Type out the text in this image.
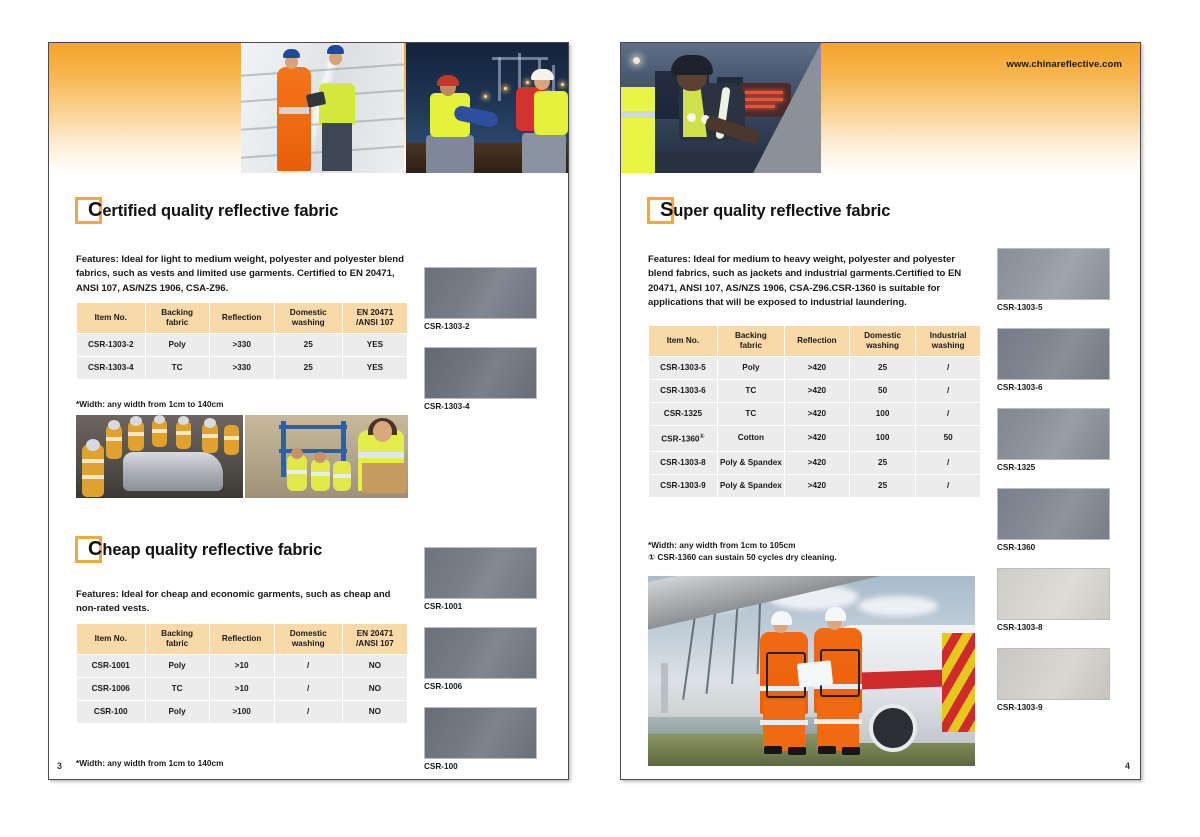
Certified quality reflective fabric

Features: Ideal for light to medium weight, polyester and polyester blend fabrics, such as vests and limited use garments. Certified to EN 20471, ANSI 107, AS/NZS 1906, CSA-Z96.

Item No.	Backing
fabric	Reflection	Domestic
washing	EN 20471
/ANSI 107
CSR-1303-2	Poly	>330	25	YES
CSR-1303-4	TC	>330	25	YES
*Width: any width from 1cm to 140cm
CSR-1303-2
CSR-1303-4
Cheap quality reflective fabric

Features: Ideal for cheap and economic garments, such as cheap and non-rated vests.

Item No.	Backing
fabric	Reflection	Domestic
washing	EN 20471
/ANSI 107
CSR-1001	Poly	>10	/	NO
CSR-1006	TC	>10	/	NO
CSR-100	Poly	>100	/	NO
*Width: any width from 1cm to 140cm
CSR-1001
CSR-1006
CSR-100
3
www.chinareflective.com
Super quality reflective fabric

Features: Ideal for medium to heavy weight, polyester and polyester blend fabrics, such as jackets and industrial garments.Certified to EN 20471, ANSI 107, AS/NZS 1906, CSA-Z96.CSR-1360 is suitable for applications that will be exposed to industrial laundering.

Item No.	Backing
fabric	Reflection	Domestic
washing	Industrial
washing
CSR-1303-5	Poly	>420	25	/
CSR-1303-6	TC	>420	50	/
CSR-1325	TC	>420	100	/
CSR-1360①	Cotton	>420	100	50
CSR-1303-8	Poly & Spandex	>420	25	/
CSR-1303-9	Poly & Spandex	>420	25	/
*Width: any width from 1cm to 105cm
① CSR-1360 can sustain 50 cycles dry cleaning.
CSR-1303-5
CSR-1303-6
CSR-1325
CSR-1360
CSR-1303-8
CSR-1303-9
4
